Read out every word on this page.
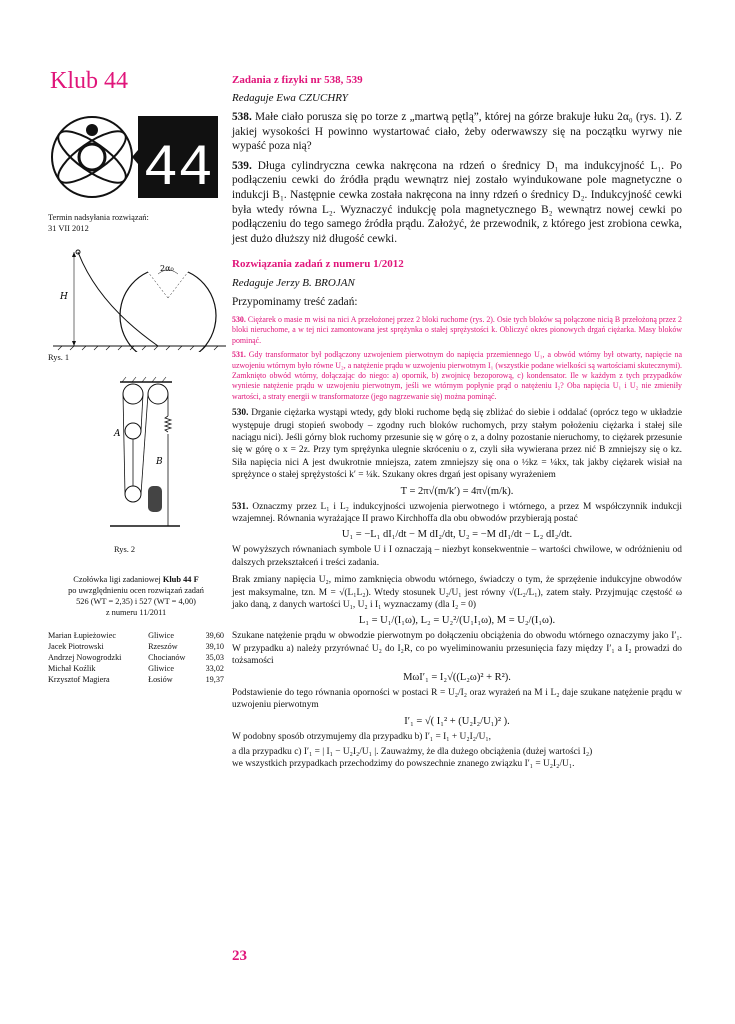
Klub 44
44
Termin nadsyłania rozwiązań:
31 VII 2012
H
2α₀
Rys. 1
A
B
Rys. 2
Czołówka ligi zadaniowej Klub 44 F
po uwzględnieniu ocen rozwiązań zadań
526 (WT = 2,35) i 527 (WT = 4,00)
z numeru 11/2011
Marian Łupieżowiec	Gliwice	39,60
Jacek Piotrowski	Rzeszów	39,10
Andrzej Nowogrodzki	Chocianów	35,03
Michał Koźlik	Gliwice	33,02
Krzysztof Magiera	Łosiów	19,37
Zadania z fizyki nr 538, 539
Redaguje Ewa CZUCHRY
538. Małe ciało porusza się po torze z „martwą pętlą”, której na górze brakuje łuku 2α₀ (rys. 1). Z jakiej wysokości H powinno wystartować ciało, żeby oderwawszy się na początku wyrwy nie wypaść poza nią?
539. Długa cylindryczna cewka nakręcona na rdzeń o średnicy D₁ ma indukcyjność L₁. Po podłączeniu cewki do źródła prądu wewnątrz niej zostało wyindukowane pole magnetyczne o indukcji B₁. Następnie cewka została nakręcona na inny rdzeń o średnicy D₂. Indukcyjność cewki była wtedy równa L₂. Wyznaczyć indukcję pola magnetycznego B₂ wewnątrz nowej cewki po podłączeniu do tego samego źródła prądu. Założyć, że przewodnik, z którego jest zrobiona cewka, jest dużo dłuższy niż długość cewki.
Rozwiązania zadań z numeru 1/2012
Redaguje Jerzy B. BROJAN
Przypominamy treść zadań:
530. Ciężarek o masie m wisi na nici A przełożonej przez 2 bloki ruchome (rys. 2). Osie tych bloków są połączone nicią B przełożoną przez 2 bloki nieruchome, a w tej nici zamontowana jest sprężynka o stałej sprężystości k. Obliczyć okres pionowych drgań ciężarka. Masy bloków pominąć.
531. Gdy transformator był podłączony uzwojeniem pierwotnym do napięcia przemiennego U₁, a obwód wtórny był otwarty, napięcie na uzwojeniu wtórnym było równe U₂, a natężenie prądu w uzwojeniu pierwotnym I₁ (wszystkie podane wielkości są wartościami skutecznymi). Zamknięto obwód wtórny, dołączając do niego: a) opornik, b) zwojnicę bezoporową, c) kondensator. Ile w każdym z tych przypadków wyniesie natężenie prądu w uzwojeniu pierwotnym, jeśli we wtórnym popłynie prąd o natężeniu I₂? Oba napięcia U₁ i U₂ nie zmieniły wartości, a straty energii w transformatorze (jego nagrzewanie się) można pominąć.
530. Drganie ciężarka wystąpi wtedy, gdy bloki ruchome będą się zbliżać do siebie i oddalać (oprócz tego w układzie występuje drugi stopień swobody – zgodny ruch bloków ruchomych, przy stałym położeniu ciężarka i stałej sile naciągu nici). Jeśli górny blok ruchomy przesunie się w górę o z, a dolny pozostanie nieruchomy, to ciężarek przesunie się w górę o x = 2z. Przy tym sprężynka ulegnie skróceniu o z, czyli siła wywierana przez nić B zmniejszy się o kz. Siła napięcia nici A jest dwukrotnie mniejsza, zatem zmniejszy się ona o ½kz = ¼kx, tak jakby ciężarek wisiał na sprężynce o stałej sprężystości k′ = ¼k. Szukany okres drgań jest opisany wyrażeniem
T = 2π√(m/k′) = 4π√(m/k).
531. Oznaczmy przez L₁ i L₂ indukcyjności uzwojenia pierwotnego i wtórnego, a przez M współczynnik indukcji wzajemnej. Równania wyrażające II prawo Kirchhoffa dla obu obwodów przybierają postać
U₁ = −L₁ dI₁/dt − M dI₂/dt, U₂ = −M dI₁/dt − L₂ dI₂/dt.
W powyższych równaniach symbole U i I oznaczają – niezbyt konsekwentnie – wartości chwilowe, w odróżnieniu od dalszych przekształceń i treści zadania.
Brak zmiany napięcia U₂, mimo zamknięcia obwodu wtórnego, świadczy o tym, że sprzężenie indukcyjne obwodów jest maksymalne, tzn. M = √(L₁L₂). Wtedy stosunek U₂/U₁ jest równy √(L₂/L₁), zatem stały. Przyjmując częstość ω jako daną, z danych wartości U₁, U₂ i I₁ wyznaczamy (dla I₂ = 0)
L₁ = U₁/(I₁ω), L₂ = U₂²/(U₁I₁ω), M = U₂/(I₁ω).
Szukane natężenie prądu w obwodzie pierwotnym po dołączeniu obciążenia do obwodu wtórnego oznaczymy jako I′₁. W przypadku a) należy przyrównać U₂ do I₂R, co po wyeliminowaniu przesunięcia fazy między I′₁ a I₂ prowadzi do tożsamości
MωI′₁ = I₂√((L₂ω)² + R²).
Podstawienie do tego równania oporności w postaci R = U₂/I₂ oraz wyrażeń na M i L₂ daje szukane natężenie prądu w uzwojeniu pierwotnym
I′₁ = √( I₁² + (U₂I₂/U₁)² ).
W podobny sposób otrzymujemy dla przypadku b) I′₁ = I₁ + U₂I₂/U₁,
a dla przypadku c) I′₁ = | I₁ − U₂I₂/U₁ |. Zauważmy, że dla dużego obciążenia (dużej wartości I₂)
we wszystkich przypadkach przechodzimy do powszechnie znanego związku I′₁ = U₂I₂/U₁.
23
